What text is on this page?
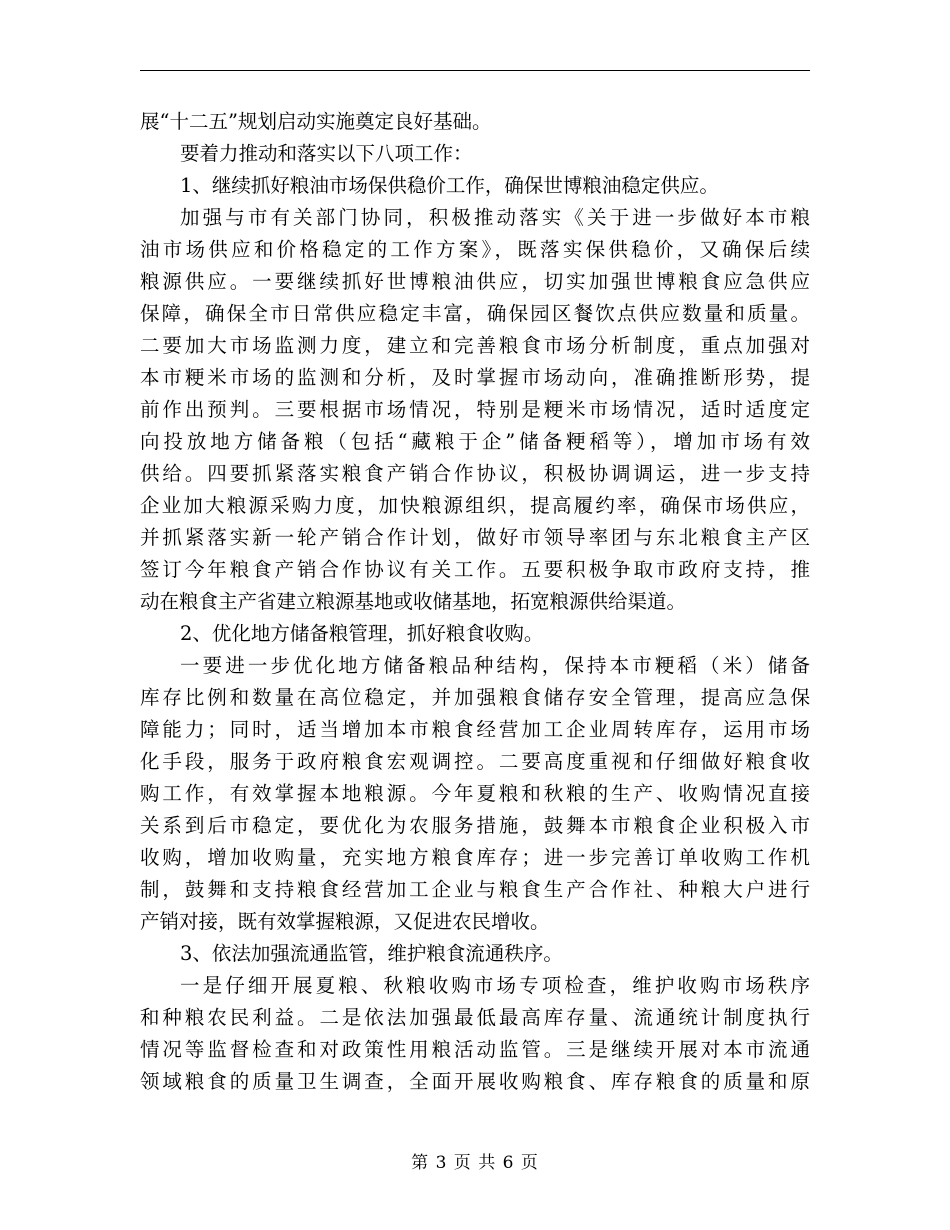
展“十二五”规划启动实施奠定良好基础。
要着力推动和落实以下八项工作：
1、继续抓好粮油市场保供稳价工作，确保世博粮油稳定供应。
加强与市有关部门协同，积极推动落实《关于进一步做好本市粮
油市场供应和价格稳定的工作方案》，既落实保供稳价，又确保后续
粮源供应。一要继续抓好世博粮油供应，切实加强世博粮食应急供应
保障，确保全市日常供应稳定丰富，确保园区餐饮点供应数量和质量。
二要加大市场监测力度，建立和完善粮食市场分析制度，重点加强对
本市粳米市场的监测和分析，及时掌握市场动向，准确推断形势，提
前作出预判。三要根据市场情况，特别是粳米市场情况，适时适度定
向投放地方储备粮（包括“藏粮于企”储备粳稻等），增加市场有效
供给。四要抓紧落实粮食产销合作协议，积极协调调运，进一步支持
企业加大粮源采购力度，加快粮源组织，提高履约率，确保市场供应，
并抓紧落实新一轮产销合作计划，做好市领导率团与东北粮食主产区
签订今年粮食产销合作协议有关工作。五要积极争取市政府支持，推
动在粮食主产省建立粮源基地或收储基地，拓宽粮源供给渠道。
2、优化地方储备粮管理，抓好粮食收购。
一要进一步优化地方储备粮品种结构，保持本市粳稻（米）储备
库存比例和数量在高位稳定，并加强粮食储存安全管理，提高应急保
障能力；同时，适当增加本市粮食经营加工企业周转库存，运用市场
化手段，服务于政府粮食宏观调控。二要高度重视和仔细做好粮食收
购工作，有效掌握本地粮源。今年夏粮和秋粮的生产、收购情况直接
关系到后市稳定，要优化为农服务措施，鼓舞本市粮食企业积极入市
收购，增加收购量，充实地方粮食库存；进一步完善订单收购工作机
制，鼓舞和支持粮食经营加工企业与粮食生产合作社、种粮大户进行
产销对接，既有效掌握粮源，又促进农民增收。
3、依法加强流通监管，维护粮食流通秩序。
一是仔细开展夏粮、秋粮收购市场专项检查，维护收购市场秩序
和种粮农民利益。二是依法加强最低最高库存量、流通统计制度执行
情况等监督检查和对政策性用粮活动监管。三是继续开展对本市流通
领域粮食的质量卫生调查，全面开展收购粮食、库存粮食的质量和原
第 3 页 共 6 页
